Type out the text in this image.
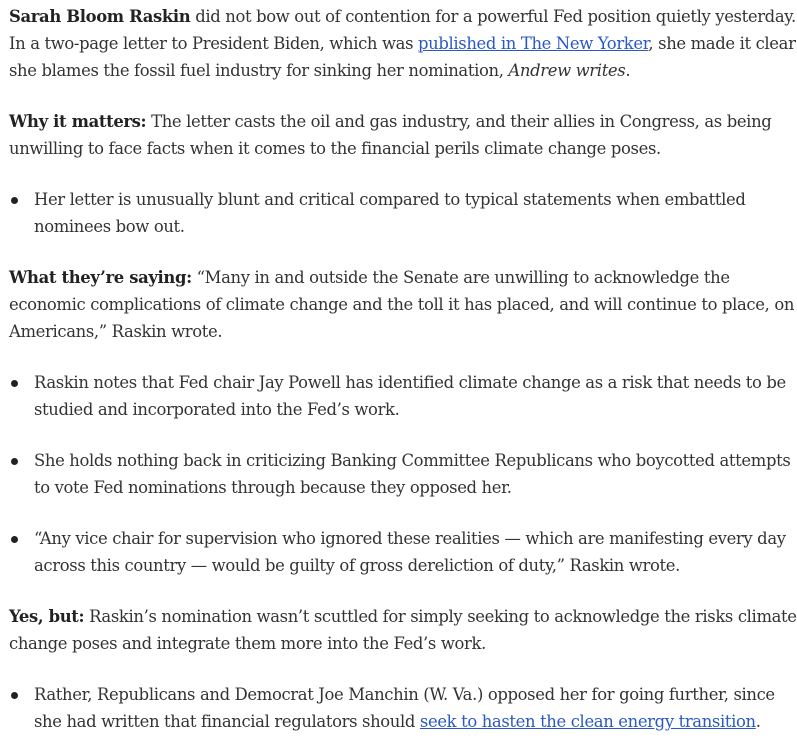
Sarah Bloom Raskin did not bow out of contention for a powerful Fed position quietly yesterday. In a two-page letter to President Biden, which was published in The New Yorker, she made it clear she blames the fossil fuel industry for sinking her nomination, Andrew writes.

Why it matters: The letter casts the oil and gas industry, and their allies in Congress, as being unwilling to face facts when it comes to the financial perils climate change poses.

Her letter is unusually blunt and critical compared to typical statements when embattled nominees bow out.

What they’re saying: “Many in and outside the Senate are unwilling to acknowledge the economic complications of climate change and the toll it has placed, and will continue to place, on Americans,” Raskin wrote.

Raskin notes that Fed chair Jay Powell has identified climate change as a risk that needs to be studied and incorporated into the Fed’s work.
She holds nothing back in criticizing Banking Committee Republicans who boycotted attempts to vote Fed nominations through because they opposed her.
“Any vice chair for supervision who ignored these realities — which are manifesting every day across this country — would be guilty of gross dereliction of duty,” Raskin wrote.

Yes, but: Raskin’s nomination wasn’t scuttled for simply seeking to acknowledge the risks climate change poses and integrate them more into the Fed’s work.

Rather, Republicans and Democrat Joe Manchin (W. Va.) opposed her for going further, since she had written that financial regulators should seek to hasten the clean energy transition.
